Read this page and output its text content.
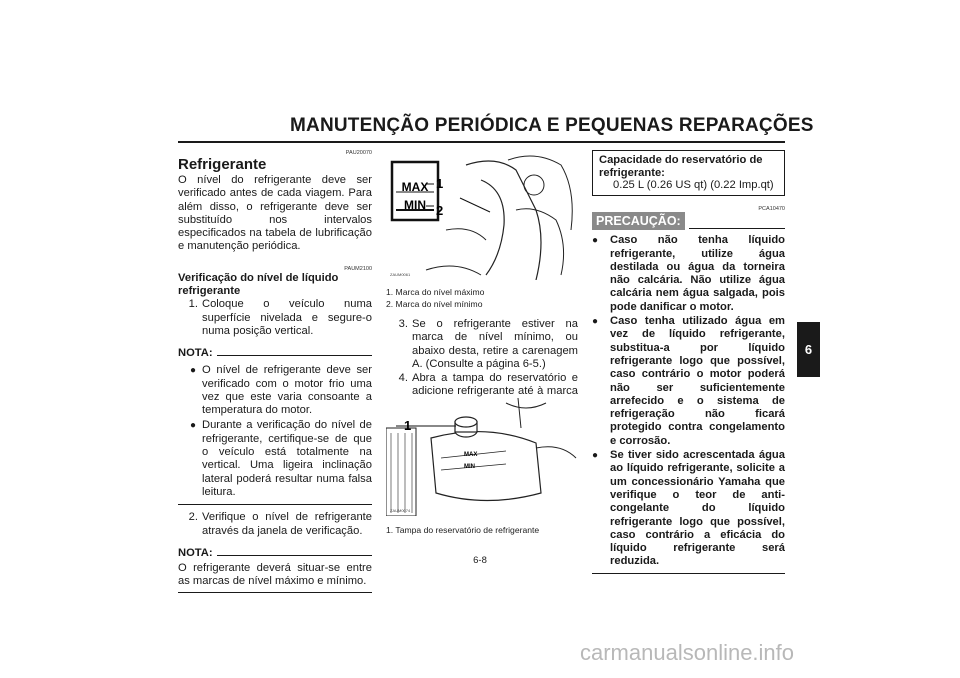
MANUTENÇÃO PERIÓDICA E PEQUENAS REPARAÇÕES
PAU20070

Refrigerante

O nível do refrigerante deve ser verificado antes de cada viagem. Para além disso, o refrigerante deve ser substituído nos intervalos especificados na tabela de lubrificação e manutenção periódica.

PAUM2100

Verificação do nível de líquido refrigerante

1. Coloque o veículo numa superfície nivelada e segure-o numa posição vertical.
NOTA:
● O nível de refrigerante deve ser verificado com o motor frio uma vez que este varia consoante a temperatura do motor.
● Durante a verificação do nível de refrigerante, certifique-se de que o veículo está totalmente na vertical. Uma ligeira inclinação lateral poderá resultar numa falsa leitura.
2. Verifique o nível de refrigerante através da janela de verificação.
NOTA:

O refrigerante deverá situar-se entre as marcas de nível máximo e mínimo.

MAX
MIN
1
2
ZAUM0061
1. Marca do nível máximo
2. Marca do nível mínimo
3. Se o refrigerante estiver na marca de nível mínimo, ou abaixo desta, retire a carenagem A. (Consulte a página 6-5.)
4. Abra a tampa do reservatório e adicione refrigerante até à marca
MAX
MIN
1
ZAUM0074
1. Tampa do reservatório de refrigerante
Capacidade do reservatório de refrigerante:
0.25 L (0.26 US qt) (0.22 Imp.qt)
PCA10470
PRECAUÇÃO:
●	Caso não tenha líquido refrigerante, utilize água destilada ou água da torneira não calcária. Não utilize água calcária nem água salgada, pois pode danificar o motor.
●	Caso tenha utilizado água em vez de líquido refrigerante, substitua-a por líquido refrigerante logo que possível, caso contrário o motor poderá não ser suficientemente arrefecido e o sistema de refrigeração não ficará protegido contra congelamento e corrosão.
●	Se tiver sido acrescentada água ao líquido refrigerante, solicite a um concessionário Yamaha que verifique o teor de anti-congelante do líquido refrigerante logo que possível, caso contrário a eficácia do líquido refrigerante será reduzida.
6
6-8
carmanualsonline.info
